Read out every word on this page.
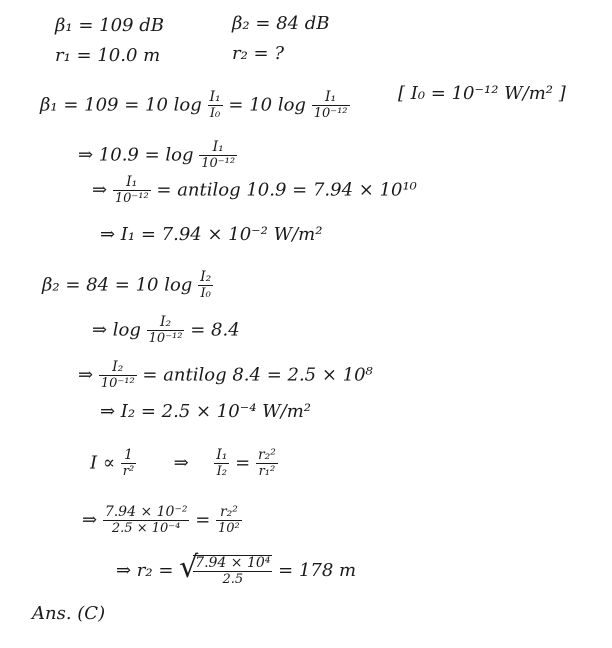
β₁ = 109 dB	β₂ = 84 dB
r₁ = 10.0 m	r₂ = ?
β₁ = 109 = 10 $\log \frac{\text{I₁}}{\text{I₀}} = 10$ $\log \frac{\text{I₁}}{\text{10⁻¹²}}$	[ I₀ = 10⁻¹² W/m² ]
⇒ $10.9 = \log \frac{\text{I₁}}{\text{10⁻¹²}}$
⇒ $\frac{\text{I₁}}{\text{10⁻¹²}}$ = antilog 10.9 = 7.94 × 10¹⁰
⇒ I₁ = 7.94 × 10⁻² W/m²
β₂ = 84 = 10 $\log \frac{\text{I₂}}{\text{I₀}}$
⇒ $\log \frac{\text{I₂}}{\text{10⁻¹²}} = 8.4$
⇒ $\frac{\text{I₂}}{\text{10⁻¹²}}$ = antilog 8.4 = 2.5 × 10⁸
⇒ I₂ = 2.5 × 10⁻⁴ W/m²
$I \propto \frac{1}{\text{r²}}$ ⇒ $\frac{\text{I₁}}{\text{I₂}} = \frac{\text{r₂²}}{\text{r₁²}}$
⇒ $\frac{\text{7.94 × 10⁻²}}{\text{2.5 × 10⁻⁴}} = \frac{\text{r₂²}}{\text{10²}}$
⇒ r₂ = √
$\frac{\text{7.94 × 10⁴}}{2.5} = 178$ m
Ans. (C)
